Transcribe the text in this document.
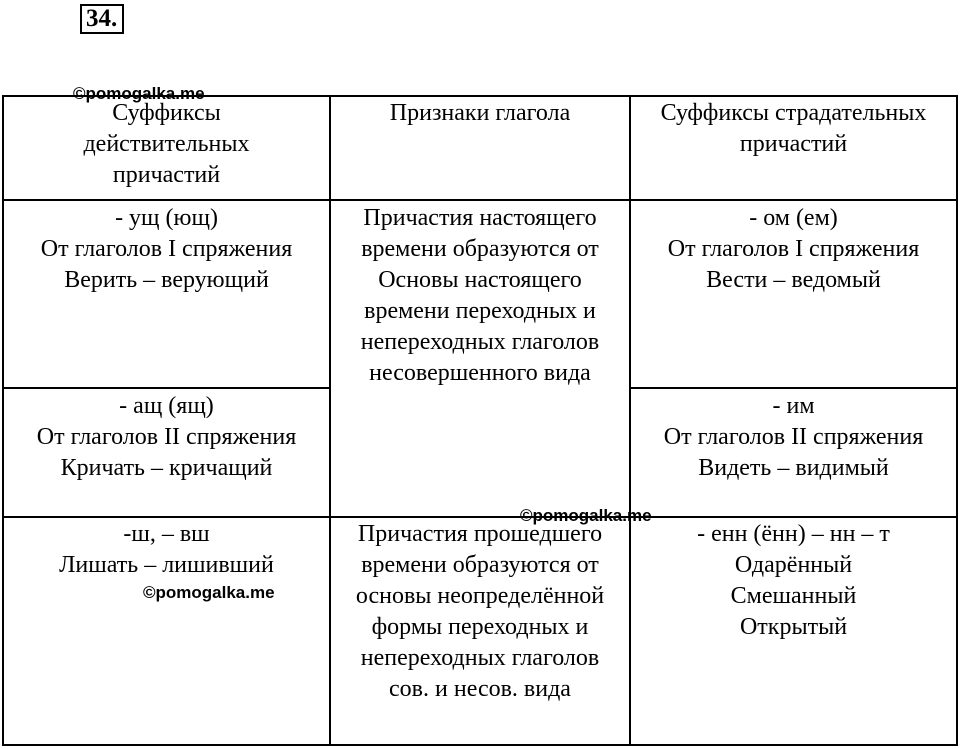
34.
Суффиксы
действительных
причастий
Признаки глагола	Суффиксы страдательных
причастий
- ущ (ющ)
От глаголов I спряжения
Верить – верующий
Причастия настоящего
времени образуются от
Основы настоящего
времени переходных и
непереходных глаголов
несовершенного вида
- ом (ем)
От глаголов I спряжения
Вести – ведомый
- ащ (ящ)
От глаголов II спряжения
Кричать – кричащий
- им
От глаголов II спряжения
Видеть – видимый
-ш, – вш
Лишать – лишивший
Причастия прошедшего
времени образуются от
основы неопределённой
формы переходных и
непереходных глаголов
сов. и несов. вида
- енн (ённ) – нн – т
Одарённый
Смешанный
Открытый
©pomogalka.me
©pomogalka.me
©pomogalka.me
